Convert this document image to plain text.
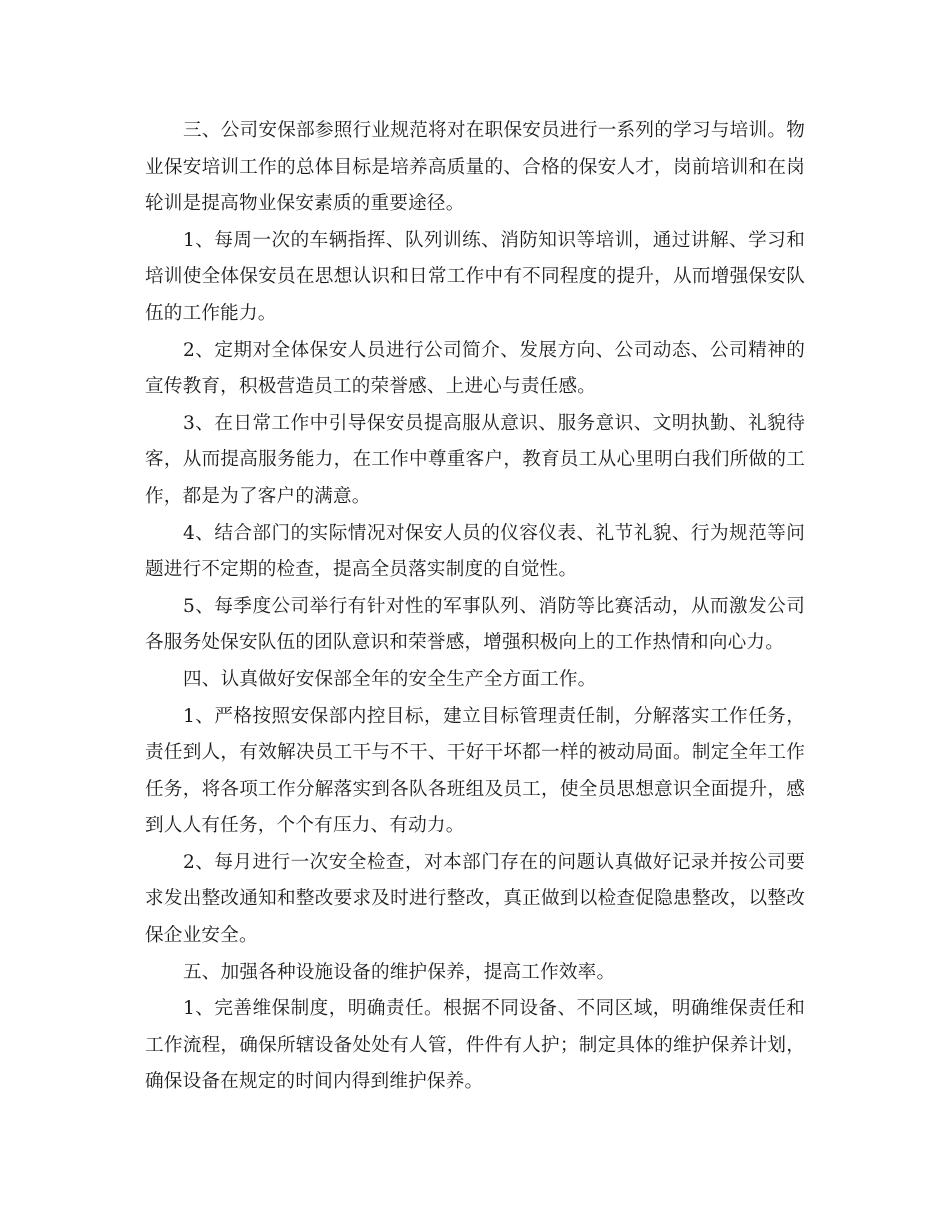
三、公司安保部参照行业规范将对在职保安员进行一系列的学习与培训。物业保安培训工作的总体目标是培养高质量的、合格的保安人才，岗前培训和在岗轮训是提高物业保安素质的重要途径。

1、每周一次的车辆指挥、队列训练、消防知识等培训，通过讲解、学习和培训使全体保安员在思想认识和日常工作中有不同程度的提升，从而增强保安队伍的工作能力。

2、定期对全体保安人员进行公司简介、发展方向、公司动态、公司精神的宣传教育，积极营造员工的荣誉感、上进心与责任感。

3、在日常工作中引导保安员提高服从意识、服务意识、文明执勤、礼貌待客，从而提高服务能力，在工作中尊重客户，教育员工从心里明白我们所做的工作，都是为了客户的满意。

4、结合部门的实际情况对保安人员的仪容仪表、礼节礼貌、行为规范等问题进行不定期的检查，提高全员落实制度的自觉性。

5、每季度公司举行有针对性的军事队列、消防等比赛活动，从而激发公司各服务处保安队伍的团队意识和荣誉感，增强积极向上的工作热情和向心力。

四、认真做好安保部全年的安全生产全方面工作。

1、严格按照安保部内控目标，建立目标管理责任制，分解落实工作任务，责任到人，有效解决员工干与不干、干好干坏都一样的被动局面。制定全年工作任务，将各项工作分解落实到各队各班组及员工，使全员思想意识全面提升，感到人人有任务，个个有压力、有动力。

2、每月进行一次安全检查，对本部门存在的问题认真做好记录并按公司要求发出整改通知和整改要求及时进行整改，真正做到以检查促隐患整改，以整改保企业安全。

五、加强各种设施设备的维护保养，提高工作效率。

1、完善维保制度，明确责任。根据不同设备、不同区域，明确维保责任和工作流程，确保所辖设备处处有人管，件件有人护；制定具体的维护保养计划，确保设备在规定的时间内得到维护保养。
